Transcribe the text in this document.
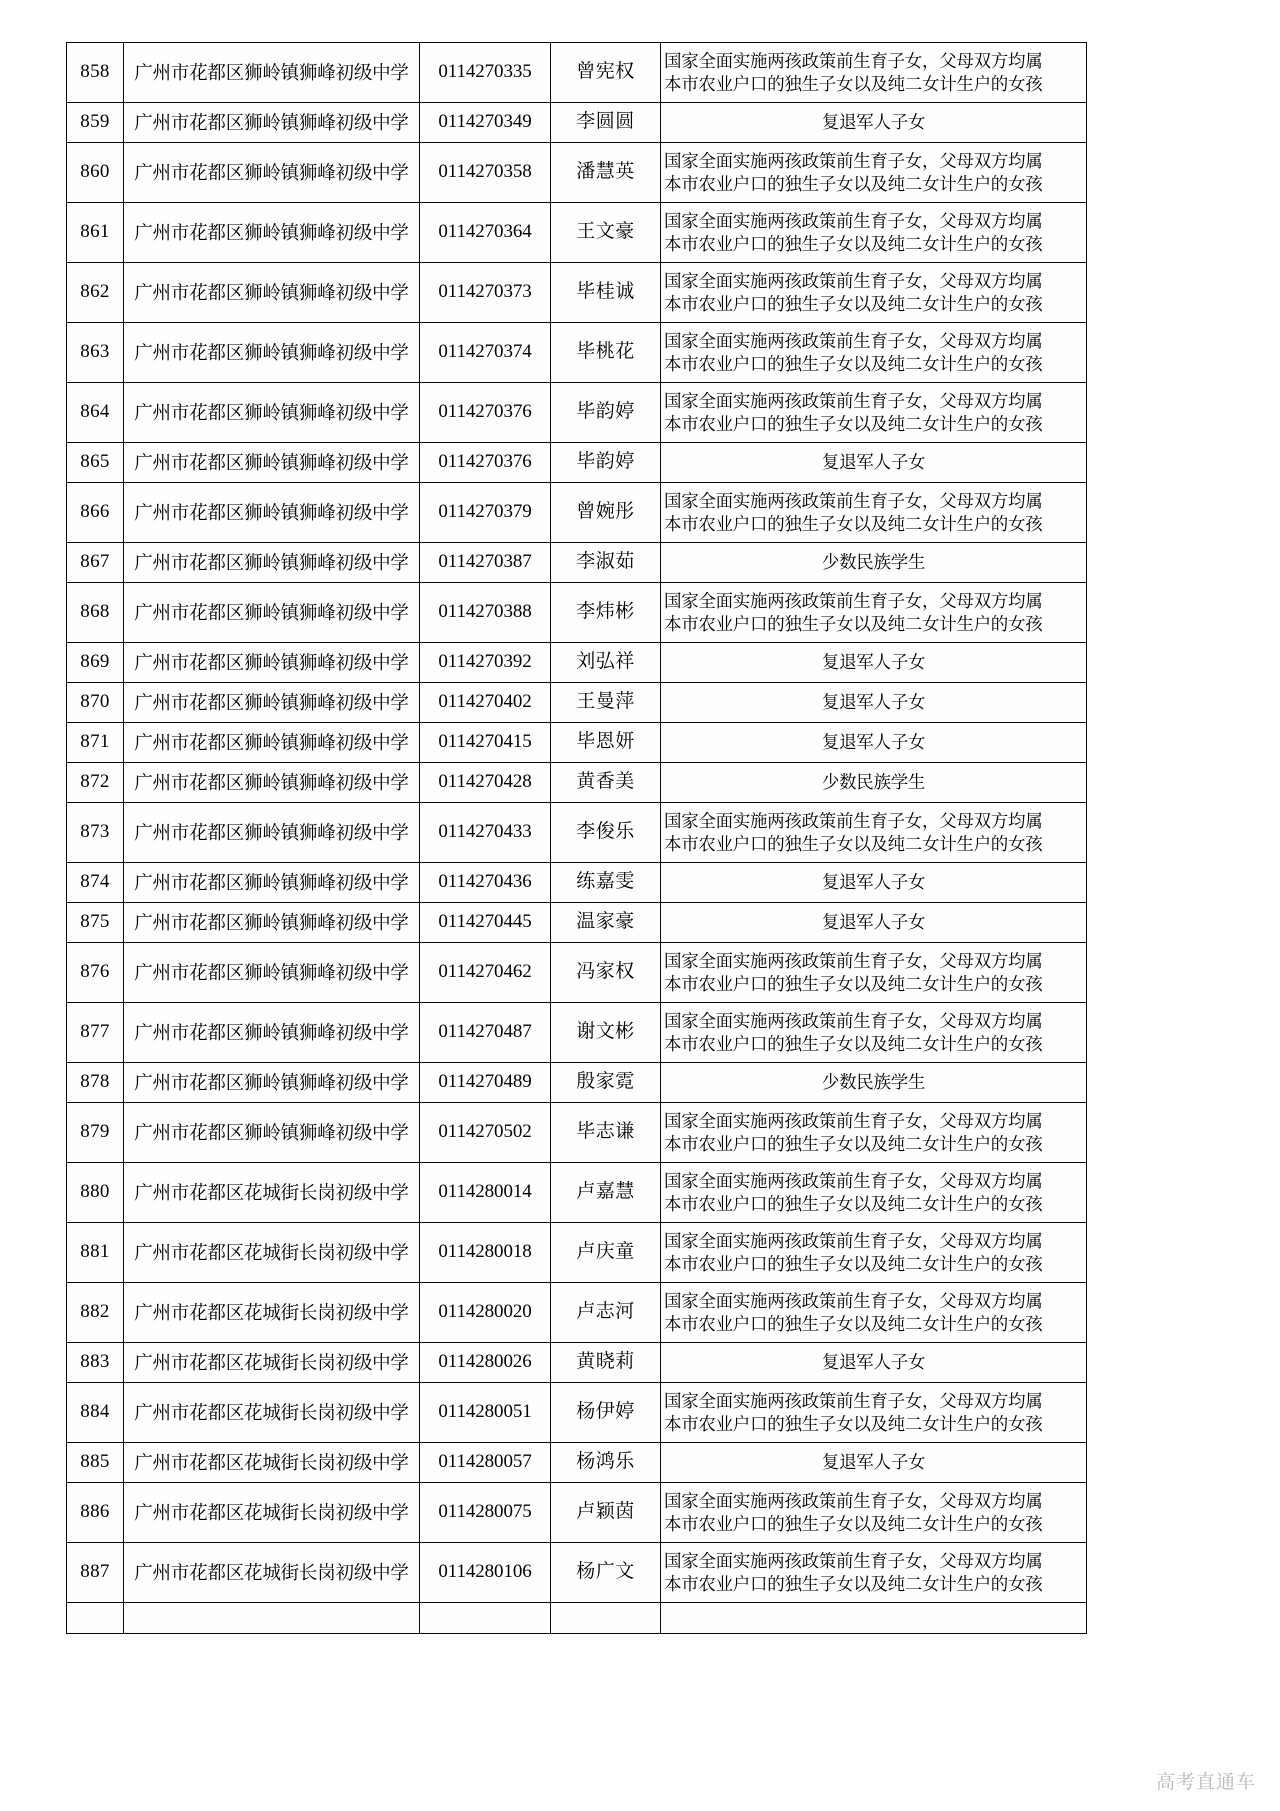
858	广州市花都区狮岭镇狮峰初级中学	0114270335	曾宪权	国家全面实施两孩政策前生育子女，父母双方均属
本市农业户口的独生子女以及纯二女计生户的女孩

859	广州市花都区狮岭镇狮峰初级中学	0114270349	李圆圆	复退军人子女

860	广州市花都区狮岭镇狮峰初级中学	0114270358	潘慧英	国家全面实施两孩政策前生育子女，父母双方均属
本市农业户口的独生子女以及纯二女计生户的女孩

861	广州市花都区狮岭镇狮峰初级中学	0114270364	王文豪	国家全面实施两孩政策前生育子女，父母双方均属
本市农业户口的独生子女以及纯二女计生户的女孩

862	广州市花都区狮岭镇狮峰初级中学	0114270373	毕桂诚	国家全面实施两孩政策前生育子女，父母双方均属
本市农业户口的独生子女以及纯二女计生户的女孩

863	广州市花都区狮岭镇狮峰初级中学	0114270374	毕桃花	国家全面实施两孩政策前生育子女，父母双方均属
本市农业户口的独生子女以及纯二女计生户的女孩

864	广州市花都区狮岭镇狮峰初级中学	0114270376	毕韵婷	国家全面实施两孩政策前生育子女，父母双方均属
本市农业户口的独生子女以及纯二女计生户的女孩

865	广州市花都区狮岭镇狮峰初级中学	0114270376	毕韵婷	复退军人子女

866	广州市花都区狮岭镇狮峰初级中学	0114270379	曾婉彤	国家全面实施两孩政策前生育子女，父母双方均属
本市农业户口的独生子女以及纯二女计生户的女孩

867	广州市花都区狮岭镇狮峰初级中学	0114270387	李淑茹	少数民族学生

868	广州市花都区狮岭镇狮峰初级中学	0114270388	李炜彬	国家全面实施两孩政策前生育子女，父母双方均属
本市农业户口的独生子女以及纯二女计生户的女孩

869	广州市花都区狮岭镇狮峰初级中学	0114270392	刘弘祥	复退军人子女

870	广州市花都区狮岭镇狮峰初级中学	0114270402	王曼萍	复退军人子女

871	广州市花都区狮岭镇狮峰初级中学	0114270415	毕恩妍	复退军人子女

872	广州市花都区狮岭镇狮峰初级中学	0114270428	黄香美	少数民族学生

873	广州市花都区狮岭镇狮峰初级中学	0114270433	李俊乐	国家全面实施两孩政策前生育子女，父母双方均属
本市农业户口的独生子女以及纯二女计生户的女孩

874	广州市花都区狮岭镇狮峰初级中学	0114270436	练嘉雯	复退军人子女

875	广州市花都区狮岭镇狮峰初级中学	0114270445	温家豪	复退军人子女

876	广州市花都区狮岭镇狮峰初级中学	0114270462	冯家权	国家全面实施两孩政策前生育子女，父母双方均属
本市农业户口的独生子女以及纯二女计生户的女孩

877	广州市花都区狮岭镇狮峰初级中学	0114270487	谢文彬	国家全面实施两孩政策前生育子女，父母双方均属
本市农业户口的独生子女以及纯二女计生户的女孩

878	广州市花都区狮岭镇狮峰初级中学	0114270489	殷家霓	少数民族学生

879	广州市花都区狮岭镇狮峰初级中学	0114270502	毕志谦	国家全面实施两孩政策前生育子女，父母双方均属
本市农业户口的独生子女以及纯二女计生户的女孩

880	广州市花都区花城街长岗初级中学	0114280014	卢嘉慧	国家全面实施两孩政策前生育子女，父母双方均属
本市农业户口的独生子女以及纯二女计生户的女孩

881	广州市花都区花城街长岗初级中学	0114280018	卢庆童	国家全面实施两孩政策前生育子女，父母双方均属
本市农业户口的独生子女以及纯二女计生户的女孩

882	广州市花都区花城街长岗初级中学	0114280020	卢志河	国家全面实施两孩政策前生育子女，父母双方均属
本市农业户口的独生子女以及纯二女计生户的女孩

883	广州市花都区花城街长岗初级中学	0114280026	黄晓莉	复退军人子女

884	广州市花都区花城街长岗初级中学	0114280051	杨伊婷	国家全面实施两孩政策前生育子女，父母双方均属
本市农业户口的独生子女以及纯二女计生户的女孩

885	广州市花都区花城街长岗初级中学	0114280057	杨鸿乐	复退军人子女

886	广州市花都区花城街长岗初级中学	0114280075	卢颖茵	国家全面实施两孩政策前生育子女，父母双方均属
本市农业户口的独生子女以及纯二女计生户的女孩

887	广州市花都区花城街长岗初级中学	0114280106	杨广文	国家全面实施两孩政策前生育子女，父母双方均属
本市农业户口的独生子女以及纯二女计生户的女孩

高考直通车
